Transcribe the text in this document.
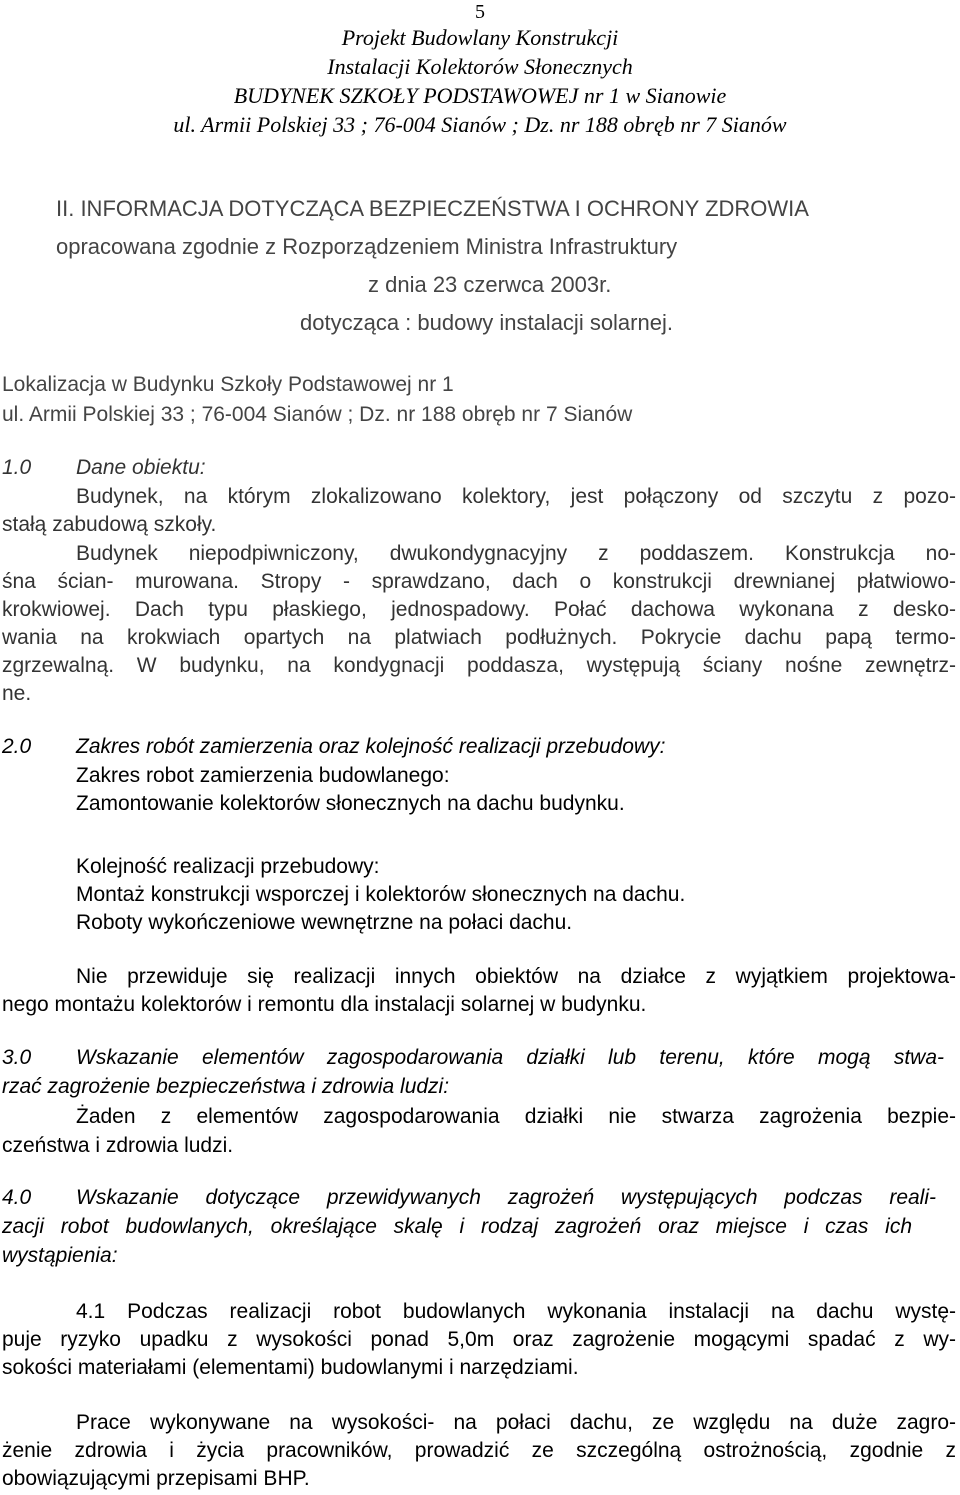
5
Projekt Budowlany Konstrukcji
Instalacji Kolektorów Słonecznych
BUDYNEK SZKOŁY PODSTAWOWEJ nr 1 w Sianowie
ul. Armii Polskiej 33 ; 76-004 Sianów ; Dz. nr 188 obręb nr 7 Sianów
II. INFORMACJA DOTYCZĄCA BEZPIECZEŃSTWA I OCHRONY ZDROWIA
opracowana zgodnie z Rozporządzeniem Ministra Infrastruktury
z dnia 23 czerwca 2003r.
dotycząca : budowy instalacji solarnej.
Lokalizacja w Budynku Szkoły Podstawowej nr 1
ul. Armii Polskiej 33 ; 76-004 Sianów ; Dz. nr 188 obręb nr 7 Sianów
1.0 Dane obiektu:
Budynek, na którym zlokalizowano kolektory, jest połączony od szczytu z pozo-
stałą zabudową szkoły.
Budynek niepodpiwniczony, dwukondygnacyjny z poddaszem. Konstrukcja no-
śna ścian- murowana. Stropy - sprawdzano, dach o konstrukcji drewnianej płatwiowo-
krokwiowej. Dach typu płaskiego, jednospadowy. Połać dachowa wykonana z desko-
wania na krokwiach opartych na platwiach podłużnych. Pokrycie dachu papą termo-
zgrzewalną. W budynku, na kondygnacji poddasza, występują ściany nośne zewnętrz-
ne.
2.0 Zakres robót zamierzenia oraz kolejność realizacji przebudowy:
Zakres robot zamierzenia budowlanego:
Zamontowanie kolektorów słonecznych na dachu budynku.
Kolejność realizacji przebudowy:
Montaż konstrukcji wsporczej i kolektorów słonecznych na dachu.
Roboty wykończeniowe wewnętrzne na połaci dachu.
Nie przewiduje się realizacji innych obiektów na działce z wyjątkiem projektowa-
nego montażu kolektorów i remontu dla instalacji solarnej w budynku.
3.0 Wskazanie elementów zagospodarowania działki lub terenu, które mogą stwa-
rzać zagrożenie bezpieczeństwa i zdrowia ludzi:
Żaden z elementów zagospodarowania działki nie stwarza zagrożenia bezpie-
czeństwa i zdrowia ludzi.
4.0 Wskazanie dotyczące przewidywanych zagrożeń występujących podczas reali-
zacji robot budowlanych, określające skalę i rodzaj zagrożeń oraz miejsce i czas ich
wystąpienia:
4.1 Podczas realizacji robot budowlanych wykonania instalacji na dachu wystę-
puje ryzyko upadku z wysokości ponad 5,0m oraz zagrożenie mogącymi spadać z wy-
sokości materiałami (elementami) budowlanymi i narzędziami.
Prace wykonywane na wysokości- na połaci dachu, ze względu na duże zagro-
żenie zdrowia i życia pracowników, prowadzić ze szczególną ostrożnością, zgodnie z
obowiązującymi przepisami BHP.
